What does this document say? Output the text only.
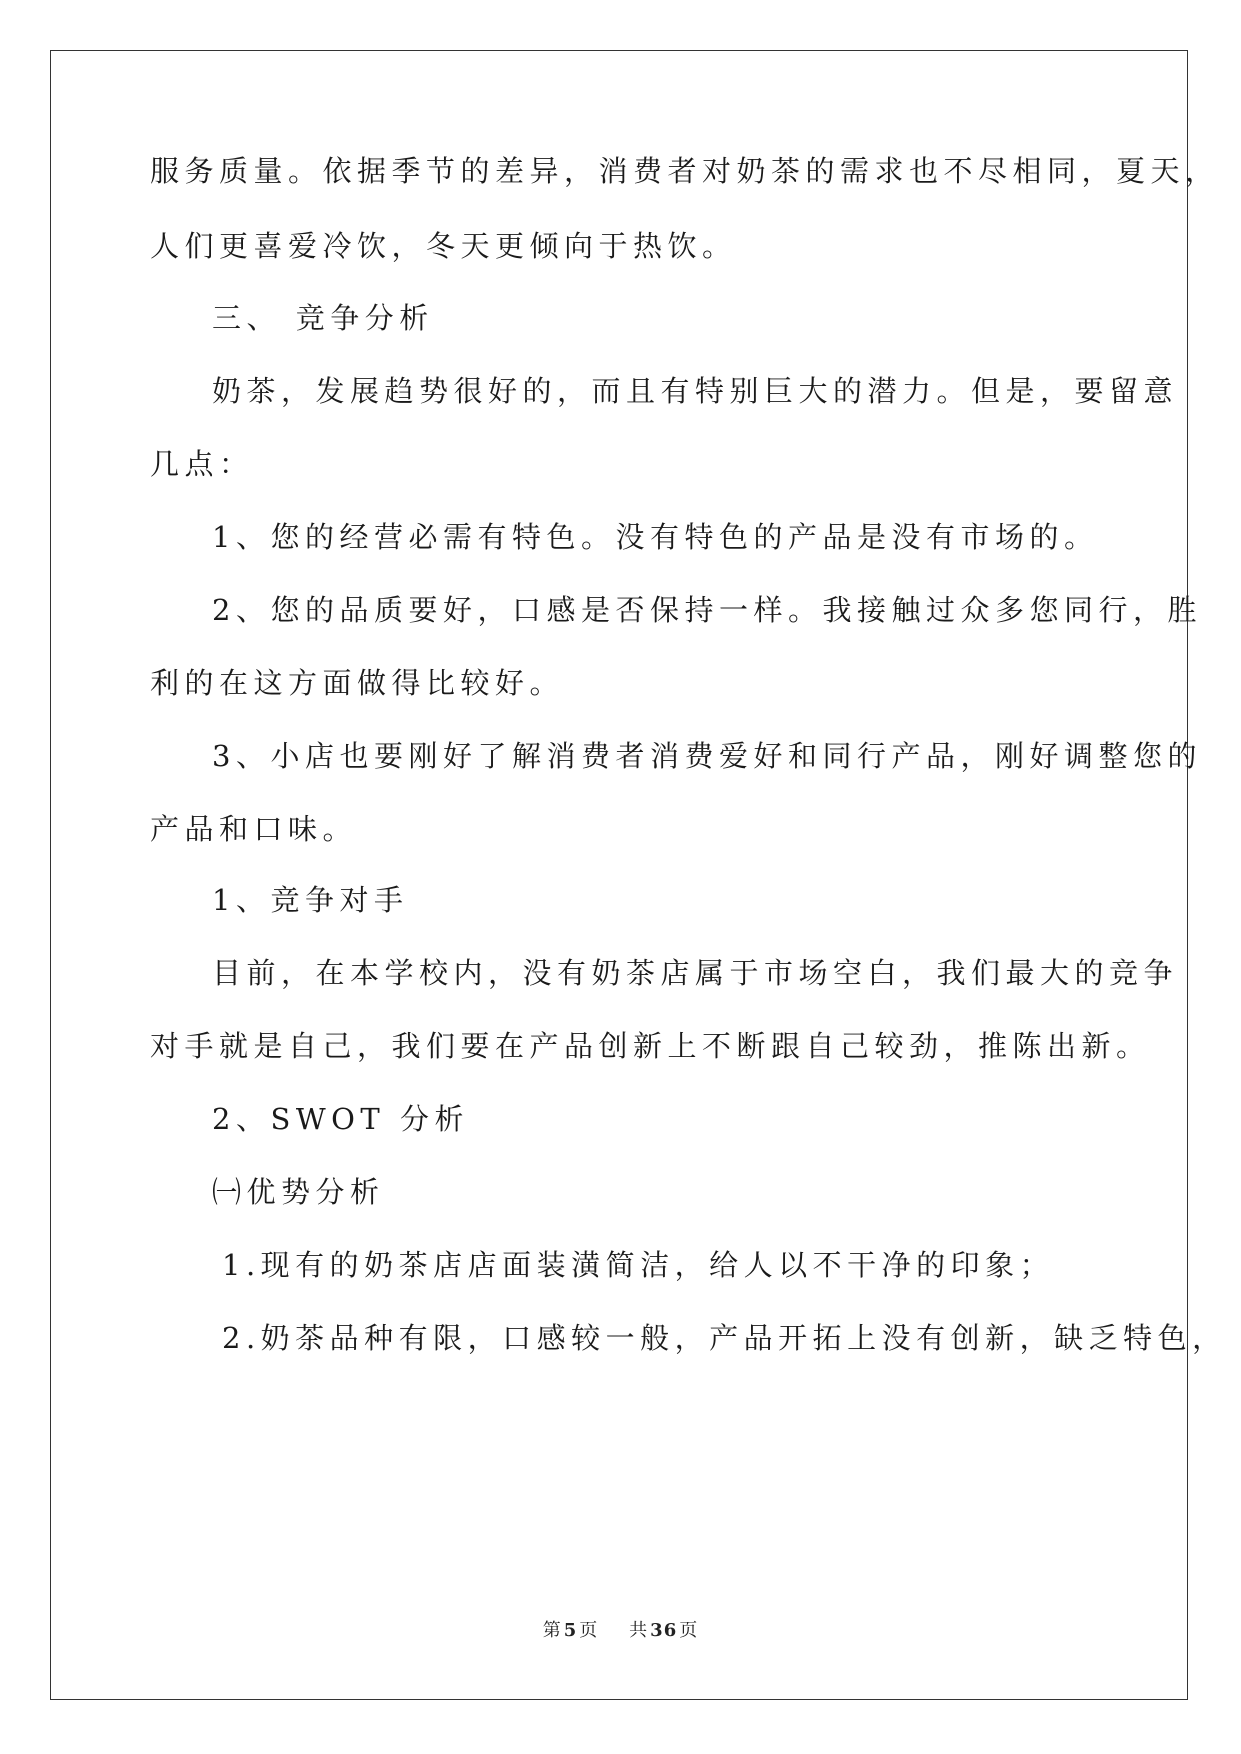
服务质量。依据季节的差异，消费者对奶茶的需求也不尽相同，夏天，
人们更喜爱冷饮，冬天更倾向于热饮。
三、 竞争分析
奶茶，发展趋势很好的，而且有特别巨大的潜力。但是，要留意
几点：
1、您的经营必需有特色。没有特色的产品是没有市场的。
2、您的品质要好，口感是否保持一样。我接触过众多您同行，胜
利的在这方面做得比较好。
3、小店也要刚好了解消费者消费爱好和同行产品，刚好调整您的
产品和口味。
1、竞争对手
目前，在本学校内，没有奶茶店属于市场空白，我们最大的竞争
对手就是自己，我们要在产品创新上不断跟自己较劲，推陈出新。
2、SWOT 分析
㈠优势分析
1.现有的奶茶店店面装潢简洁，给人以不干净的印象；
2.奶茶品种有限，口感较一般，产品开拓上没有创新，缺乏特色，
第 5 页 共 36 页
